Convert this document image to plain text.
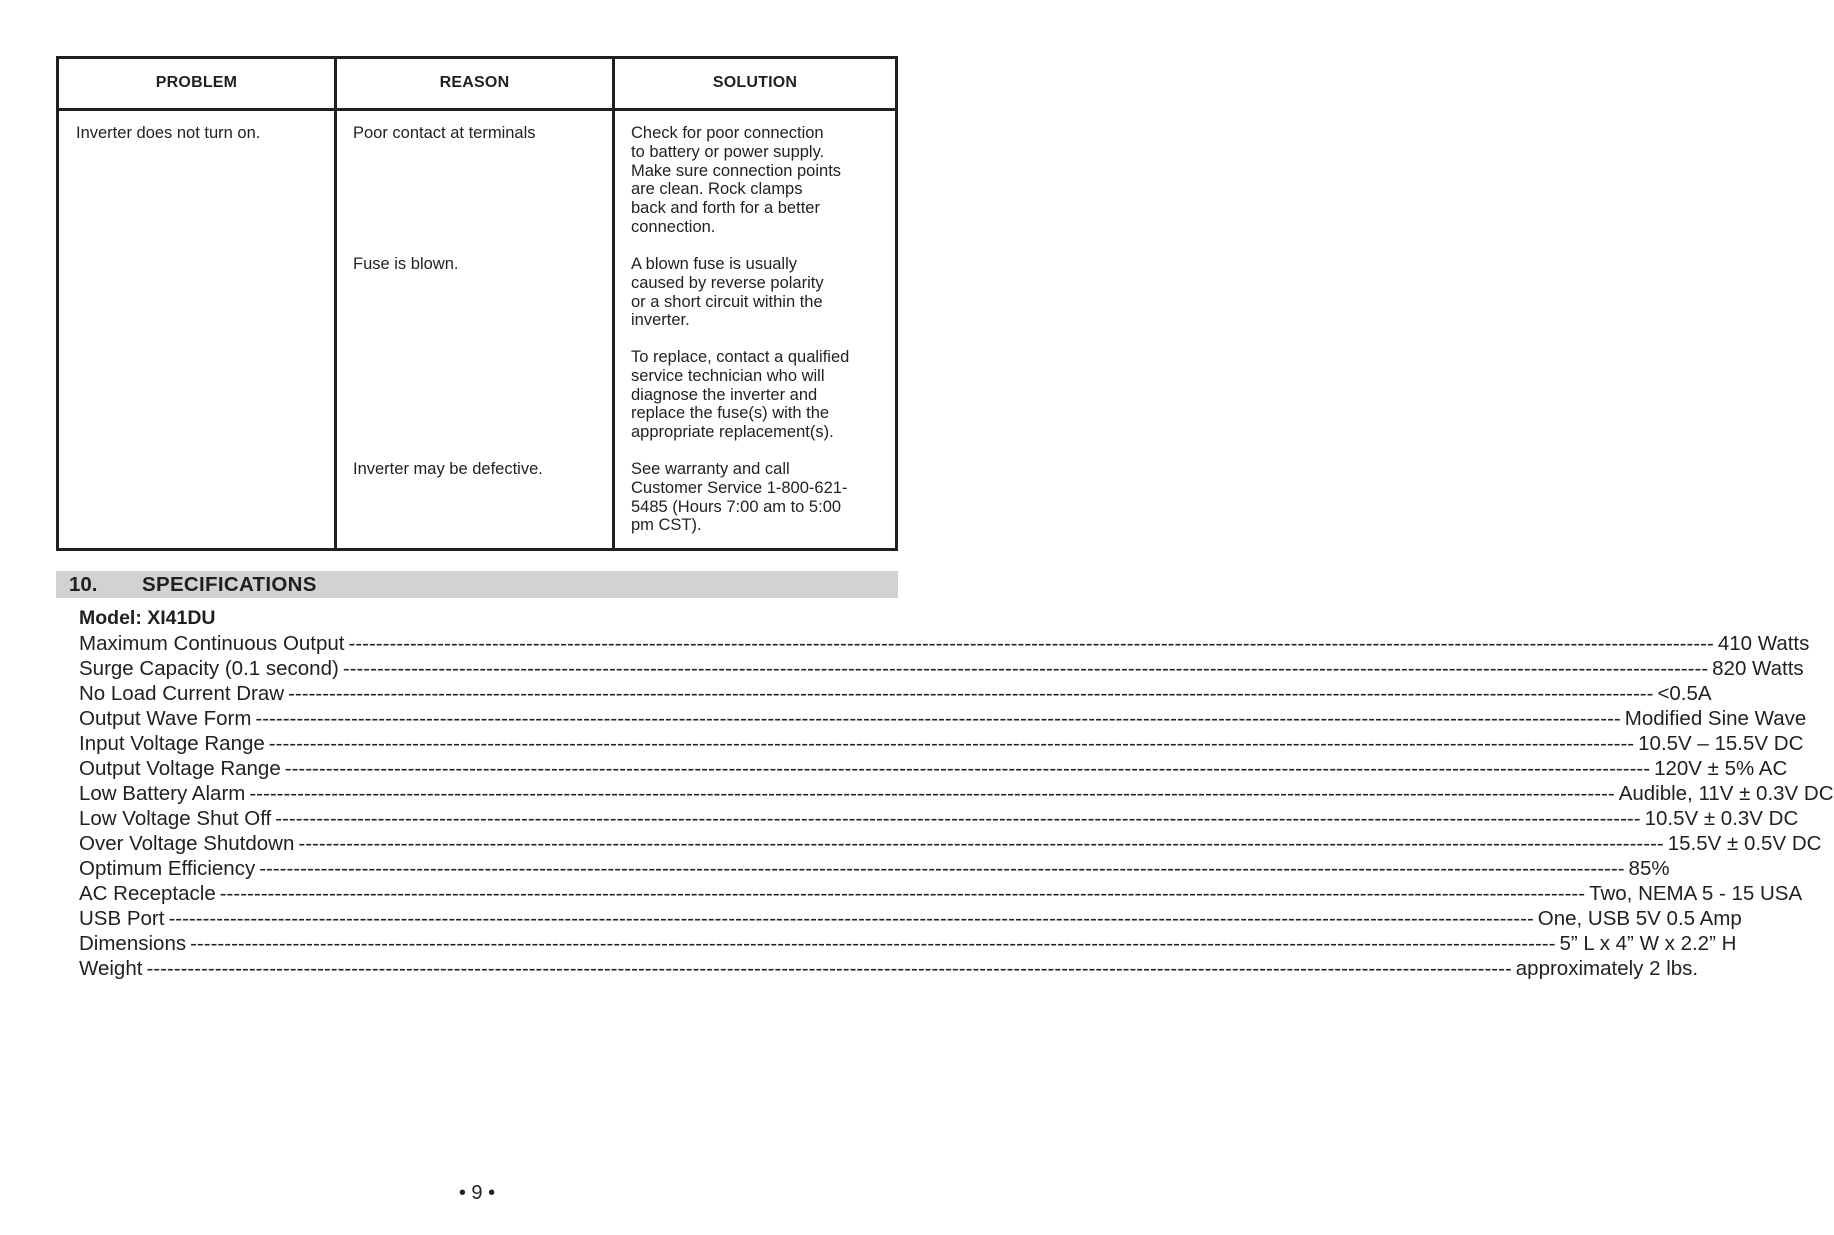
PROBLEM	REASON	SOLUTION
Inverter does not turn on.	Poor contact at terminals	Check for poor connection
to battery or power supply.
Make sure connection points
are clean. Rock clamps
back and forth for a better
connection.
Fuse is blown.	A blown fuse is usually
caused by reverse polarity
or a short circuit within the
inverter.
To replace, contact a qualified
service technician who will
diagnose the inverter and
replace the fuse(s) with the
appropriate replacement(s).
Inverter may be defective.	See warranty and call
Customer Service 1-800-621-
5485 (Hours 7:00 am to 5:00
pm CST).
10. SPECIFICATIONS
Model: XI41DU
Maximum Continuous Output -------------------------------------------------------------------------------------------------------------------------------------------------------------------------------------------------------- 410 Watts
Surge Capacity (0.1 second) -------------------------------------------------------------------------------------------------------------------------------------------------------------------------------------------------------- 820 Watts
No Load Current Draw -------------------------------------------------------------------------------------------------------------------------------------------------------------------------------------------------------- <0.5A
Output Wave Form -------------------------------------------------------------------------------------------------------------------------------------------------------------------------------------------------------- Modified Sine Wave
Input Voltage Range -------------------------------------------------------------------------------------------------------------------------------------------------------------------------------------------------------- 10.5V – 15.5V DC
Output Voltage Range -------------------------------------------------------------------------------------------------------------------------------------------------------------------------------------------------------- 120V ± 5% AC
Low Battery Alarm -------------------------------------------------------------------------------------------------------------------------------------------------------------------------------------------------------- Audible, 11V ± 0.3V DC
Low Voltage Shut Off -------------------------------------------------------------------------------------------------------------------------------------------------------------------------------------------------------- 10.5V ± 0.3V DC
Over Voltage Shutdown -------------------------------------------------------------------------------------------------------------------------------------------------------------------------------------------------------- 15.5V ± 0.5V DC
Optimum Efficiency -------------------------------------------------------------------------------------------------------------------------------------------------------------------------------------------------------- 85%
AC Receptacle -------------------------------------------------------------------------------------------------------------------------------------------------------------------------------------------------------- Two, NEMA 5 - 15 USA
USB Port -------------------------------------------------------------------------------------------------------------------------------------------------------------------------------------------------------- One, USB 5V 0.5 Amp
Dimensions -------------------------------------------------------------------------------------------------------------------------------------------------------------------------------------------------------- 5” L x 4” W x 2.2” H
Weight -------------------------------------------------------------------------------------------------------------------------------------------------------------------------------------------------------- approximately 2 lbs.
• 9 •
